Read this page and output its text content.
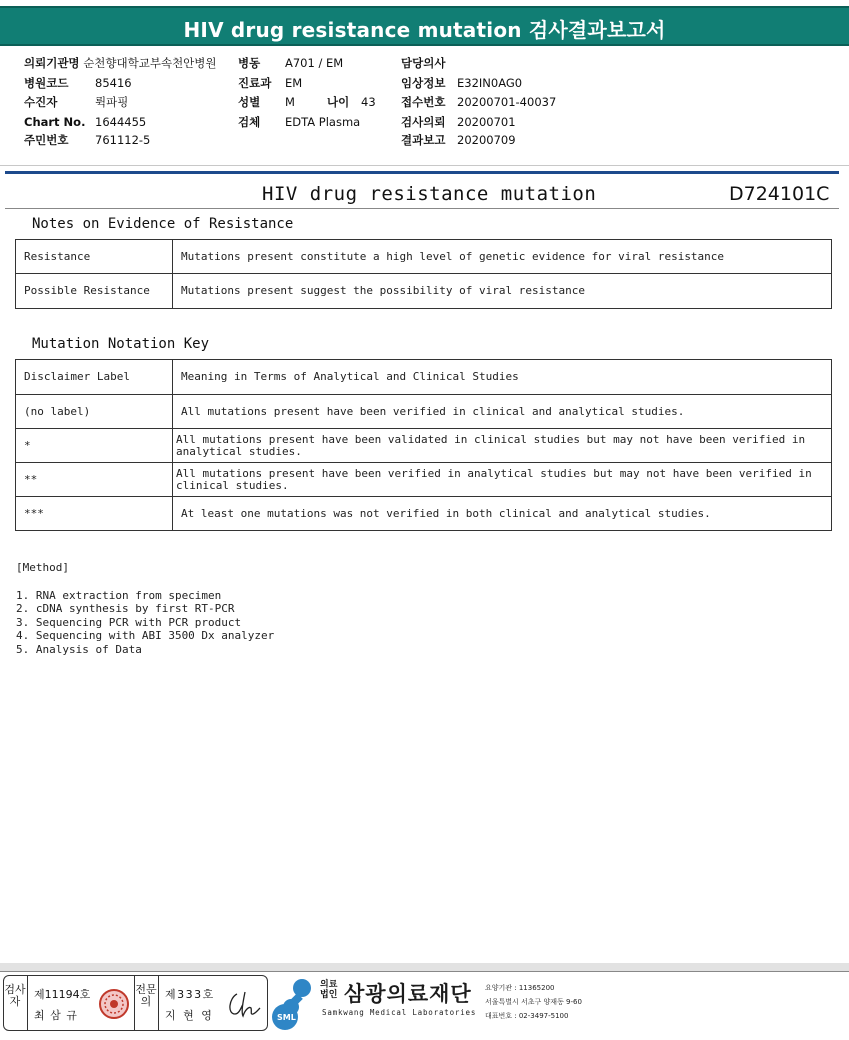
HIV drug resistance mutation 검사결과보고서
의뢰기관명 순천향대학교부속천안병원 병동 A701 / EM	담당의사
병원코드 85416	진료과 EM	임상정보 E32IN0AG0
수진자	뤽파핑	성별 M	나이 43 접수번호 20200701-40037
Chart No. 1644455	검체 EDTA Plasma	검사의뢰 20200701
주민번호 761112-5	결과보고 20200709
HIV drug resistance mutation	D724101C
Notes on Evidence of Resistance
Resistance	Mutations present constitute a high level of genetic evidence for viral resistance
Possible Resistance	Mutations present suggest the possibility of viral resistance
Mutation Notation Key
Disclaimer Label	Meaning in Terms of Analytical and Clinical Studies
(no label)	All mutations present have been verified in clinical and analytical studies.
*	All mutations present have been validated in clinical studies but may not have been verified in analytical studies.
**	All mutations present have been verified in analytical studies but may not have been verified in clinical studies.
***	At least one mutations was not verified in both clinical and analytical studies.
[Method]
1. RNA extraction from specimen
2. cDNA synthesis by first RT-PCR
3. Sequencing PCR with PCR product
4. Sequencing with ABI 3500 Dx analyzer
5. Analysis of Data
검사자
제11194호
최 삼 규
전문의
제333호
지 현 영	SML
의료법인 삼광의료재단
Samkwang Medical Laboratories
요양기관 : 11365200
서울특별시 서초구 양재동 9-60
대표번호 : 02-3497-5100
